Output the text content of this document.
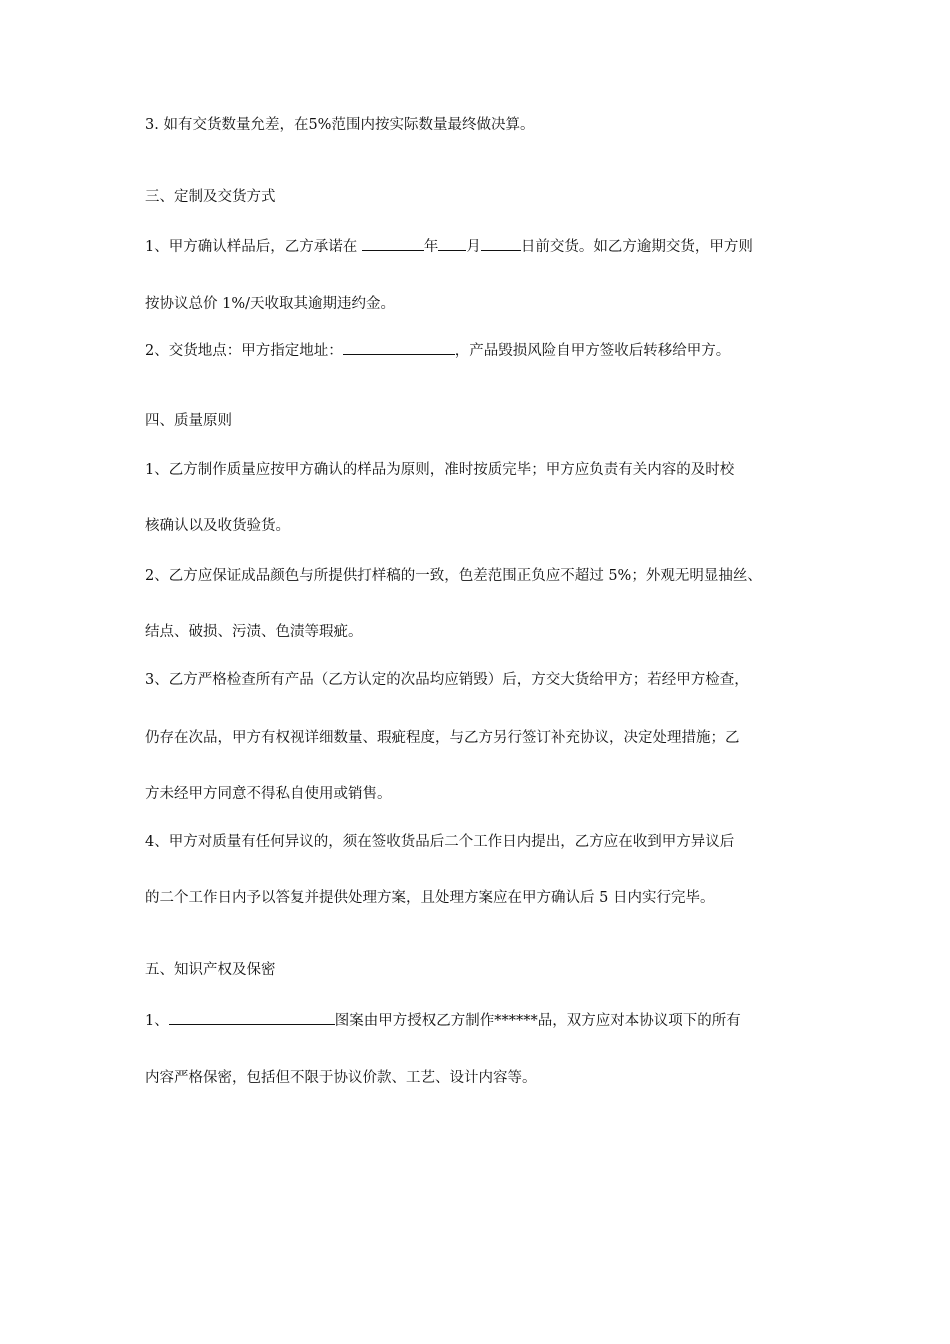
3. 如有交货数量允差，在5%范围内按实际数量最终做决算。
三、定制及交货方式
1、甲方确认样品后，乙方承诺在	年 月	日前交货。如乙方逾期交货，甲方则
按协议总价 1%/天收取其逾期违约金。
2、交货地点：甲方指定地址：	，产品毁损风险自甲方签收后转移给甲方。
四、质量原则
1、乙方制作质量应按甲方确认的样品为原则，准时按质完毕；甲方应负责有关内容的及时校
核确认以及收货验货。
2、乙方应保证成品颜色与所提供打样稿的一致，色差范围正负应不超过 5%；外观无明显抽丝、
结点、破损、污渍、色渍等瑕疵。
3、乙方严格检查所有产品（乙方认定的次品均应销毁）后，方交大货给甲方；若经甲方检查，
仍存在次品，甲方有权视详细数量、瑕疵程度，与乙方另行签订补充协议，决定处理措施；乙
方未经甲方同意不得私自使用或销售。
4、甲方对质量有任何异议的，须在签收货品后二个工作日内提出，乙方应在收到甲方异议后
的二个工作日内予以答复并提供处理方案，且处理方案应在甲方确认后 5 日内实行完毕。
五、知识产权及保密
1、	图案由甲方授权乙方制作******品，双方应对本协议项下的所有
内容严格保密，包括但不限于协议价款、工艺、设计内容等。
